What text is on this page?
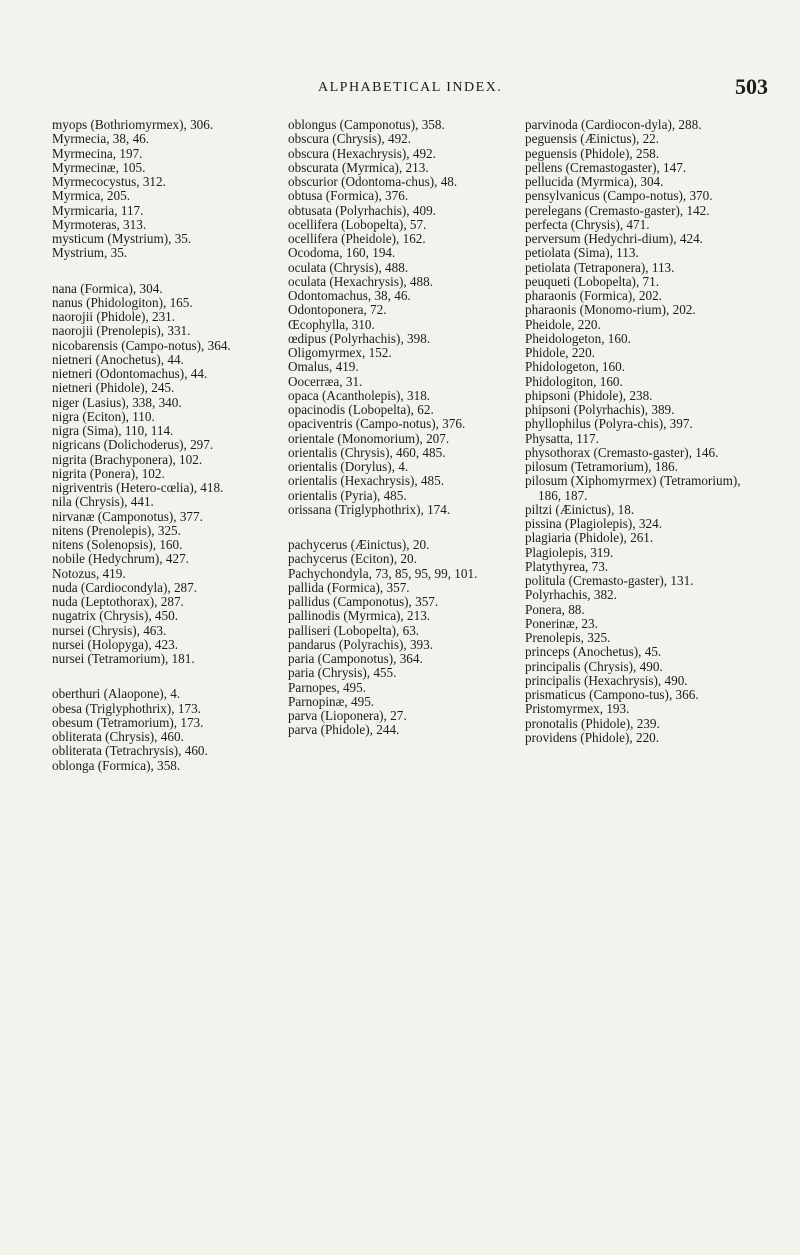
ALPHABETICAL INDEX.	503
myops (Bothriomyrmex), 306.
Myrmecia, 38, 46.
Myrmecina, 197.
Myrmecinæ, 105.
Myrmecocystus, 312.
Myrmica, 205.
Myrmicaria, 117.
Myrmoteras, 313.
mysticum (Mystrium), 35.
Mystrium, 35.
nana (Formica), 304.
nanus (Phidologiton), 165.
naorojii (Phidole), 231.
naorojii (Prenolepis), 331.
nicobarensis (Campo-notus), 364.
nietneri (Anochetus), 44.
nietneri (Odontomachus), 44.
nietneri (Phidole), 245.
niger (Lasius), 338, 340.
nigra (Eciton), 110.
nigra (Sima), 110, 114.
nigricans (Dolichoderus), 297.
nigrita (Brachyponera), 102.
nigrita (Ponera), 102.
nigriventris (Hetero-cœlia), 418.
nila (Chrysis), 441.
nirvanæ (Camponotus), 377.
nitens (Prenolepis), 325.
nitens (Solenopsis), 160.
nobile (Hedychrum), 427.
Notozus, 419.
nuda (Cardiocondyla), 287.
nuda (Leptothorax), 287.
nugatrix (Chrysis), 450.
nursei (Chrysis), 463.
nursei (Holopyga), 423.
nursei (Tetramorium), 181.
oberthuri (Alaopone), 4.
obesa (Triglyphothrix), 173.
obesum (Tetramorium), 173.
obliterata (Chrysis), 460.
obliterata (Tetrachrysis), 460.
oblonga (Formica), 358.
oblongus (Camponotus), 358.
obscura (Chrysis), 492.
obscura (Hexachrysis), 492.
obscurata (Myrmica), 213.
obscurior (Odontoma-chus), 48.
obtusa (Formica), 376.
obtusata (Polyrhachis), 409.
ocellifera (Lobopelta), 57.
ocellifera (Pheidole), 162.
Ocodoma, 160, 194.
oculata (Chrysis), 488.
oculata (Hexachrysis), 488.
Odontomachus, 38, 46.
Odontoponera, 72.
Œcophylla, 310.
œdipus (Polyrhachis), 398.
Oligomyrmex, 152.
Omalus, 419.
Oocerræa, 31.
opaca (Acantholepis), 318.
opacinodis (Lobopelta), 62.
opaciventris (Campo-notus), 376.
orientale (Monomorium), 207.
orientalis (Chrysis), 460, 485.
orientalis (Dorylus), 4.
orientalis (Hexachrysis), 485.
orientalis (Pyria), 485.
orissana (Triglyphothrix), 174.
pachycerus (Æinictus), 20.
pachycerus (Eciton), 20.
Pachychondyla, 73, 85, 95, 99, 101.
pallida (Formica), 357.
pallidus (Camponotus), 357.
pallinodis (Myrmica), 213.
palliseri (Lobopelta), 63.
pandarus (Polyrachis), 393.
paria (Camponotus), 364.
paria (Chrysis), 455.
Parnopes, 495.
Parnopinæ, 495.
parva (Lioponera), 27.
parva (Phidole), 244.
parvinoda (Cardiocon-dyla), 288.
peguensis (Æinictus), 22.
peguensis (Phidole), 258.
pellens (Cremastogaster), 147.
pellucida (Myrmica), 304.
pensylvanicus (Campo-notus), 370.
perelegans (Cremasto-gaster), 142.
perfecta (Chrysis), 471.
perversum (Hedychri-dium), 424.
petiolata (Sima), 113.
petiolata (Tetraponera), 113.
peuqueti (Lobopelta), 71.
pharaonis (Formica), 202.
pharaonis (Monomo-rium), 202.
Pheidole, 220.
Pheidologeton, 160.
Phidole, 220.
Phidologeton, 160.
Phidologiton, 160.
phipsoni (Phidole), 238.
phipsoni (Polyrhachis), 389.
phyllophilus (Polyra-chis), 397.
Physatta, 117.
physothorax (Cremasto-gaster), 146.
pilosum (Tetramorium), 186.
pilosum (Xiphomyrmex) (Tetramorium), 186, 187.
piltzi (Æinictus), 18.
pissina (Plagiolepis), 324.
plagiaria (Phidole), 261.
Plagiolepis, 319.
Platythyrea, 73.
politula (Cremasto-gaster), 131.
Polyrhachis, 382.
Ponera, 88.
Ponerinæ, 23.
Prenolepis, 325.
princeps (Anochetus), 45.
principalis (Chrysis), 490.
principalis (Hexachrysis), 490.
prismaticus (Campono-tus), 366.
Pristomyrmex, 193.
pronotalis (Phidole), 239.
providens (Phidole), 220.
